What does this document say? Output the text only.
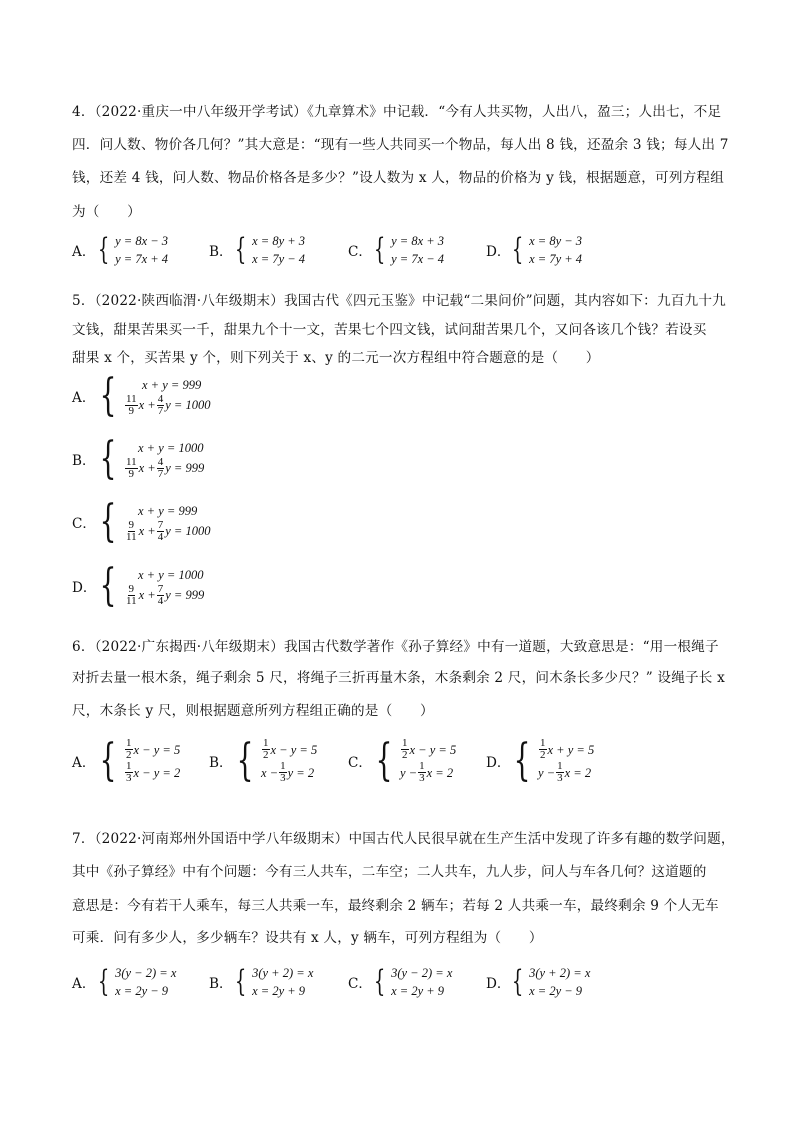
4．（2022·重庆一中八年级开学考试）《九章算术》中记载．“今有人共买物，人出八，盈三；人出七，不足
四．问人数、物价各几何？”其大意是：“现有一些人共同买一个物品，每人出 8 钱，还盈余 3 钱；每人出 7
钱，还差 4 钱，问人数、物品价格各是多少？”设人数为 x 人，物品的价格为 y 钱，根据题意，可列方程组
为（　　）
A． { y = 8x − 3
y = 7x + 4	B． { x = 8y + 3
x = 7y − 4	C． { y = 8x + 3
y = 7x − 4	D． { x = 8y − 3
x = 7y + 4
5．（2022·陕西临渭·八年级期末）我国古代《四元玉鉴》中记载“二果问价”问题，其内容如下：九百九十九
文钱，甜果苦果买一千，甜果九个十一文，苦果七个四文钱，试问甜苦果几个，又问各该几个钱？若设买
甜果 x 个，买苦果 y 个，则下列关于 x、y 的二元一次方程组中符合题意的是（　　）
A． {	x + y = 999
$\frac{11}{9}$ $x + \frac{4}{7}$ y = 1000
B． {	x + y = 1000
$\frac{11}{9}$ $x + \frac{4}{7}$ y = 999
C． {	x + y = 999
$\frac{9}{11}$ $x + \frac{7}{4}$ y = 1000
D． {	x + y = 1000
$\frac{9}{11}$ $x + \frac{7}{4}$ y = 999
6．（2022·广东揭西·八年级期末）我国古代数学著作《孙子算经》中有一道题，大致意思是：“用一根绳子
对折去量一根木条，绳子剩余 5 尺，将绳子三折再量木条，木条剩余 2 尺，问木条长多少尺？” 设绳子长 x
尺，木条长 y 尺，则根据题意所列方程组正确的是（　　）
A． { $\frac{1}{2}$ x − y = 5
$\frac{1}{3}$ x − y = 2
B． { $\frac{1}{2}$ x − y = 5
$x - \frac{1}{3}$ y = 2
C． { $\frac{1}{2}$ x − y = 5
$y - \frac{1}{3}$ x = 2
D． { $\frac{1}{2}$ x + y = 5
$y - \frac{1}{3}$ x = 2
7．（2022·河南郑州外国语中学八年级期末）中国古代人民很早就在生产生活中发现了许多有趣的数学问题，
其中《孙子算经》中有个问题：今有三人共车，二车空；二人共车，九人步，问人与车各几何？这道题的
意思是：今有若干人乘车，每三人共乘一车，最终剩余 2 辆车；若每 2 人共乘一车，最终剩余 9 个人无车
可乘．问有多少人，多少辆车？设共有 x 人，y 辆车，可列方程组为（　　）
A． { 3(y − 2) = x
x = 2y − 9	B． { 3(y + 2) = x
x = 2y + 9	C． { 3(y − 2) = x
x = 2y + 9	D． { 3(y + 2) = x
x = 2y − 9
